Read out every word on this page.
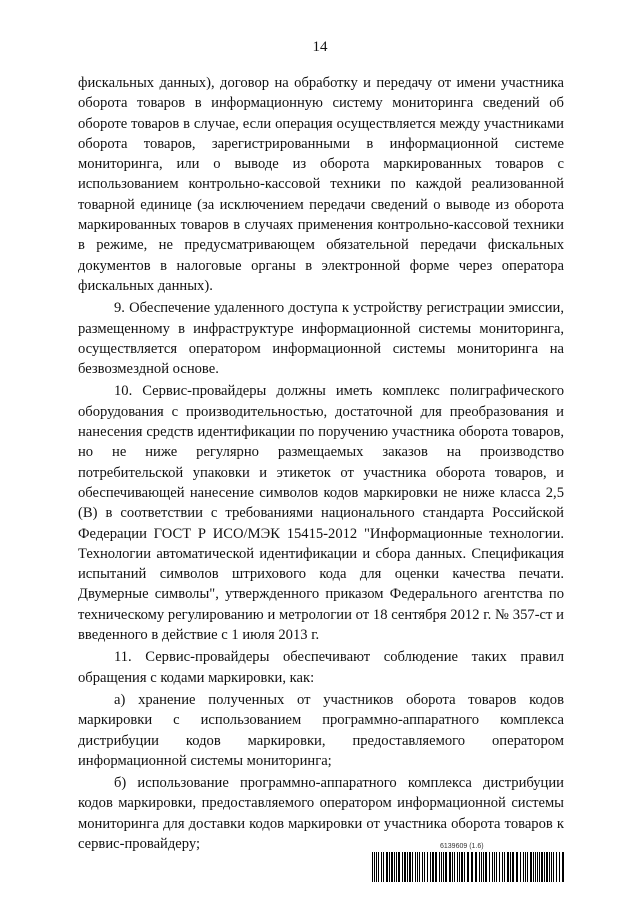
14

фискальных данных), договор на обработку и передачу от имени участника оборота товаров в информационную систему мониторинга сведений об обороте товаров в случае, если операция осуществляется между участниками оборота товаров, зарегистрированными в информационной системе мониторинга, или о выводе из оборота маркированных товаров с использованием контрольно-кассовой техники по каждой реализованной товарной единице (за исключением передачи сведений о выводе из оборота маркированных товаров в случаях применения контрольно-кассовой техники в режиме, не предусматривающем обязательной передачи фискальных документов в налоговые органы в электронной форме через оператора фискальных данных).

9. Обеспечение удаленного доступа к устройству регистрации эмиссии, размещенному в инфраструктуре информационной системы мониторинга, осуществляется оператором информационной системы мониторинга на безвозмездной основе.

10. Сервис-провайдеры должны иметь комплекс полиграфического оборудования с производительностью, достаточной для преобразования и нанесения средств идентификации по поручению участника оборота товаров, но не ниже регулярно размещаемых заказов на производство потребительской упаковки и этикеток от участника оборота товаров, и обеспечивающей нанесение символов кодов маркировки не ниже класса 2,5 (B) в соответствии с требованиями национального стандарта Российской Федерации ГОСТ Р ИСО/МЭК 15415-2012 "Информационные технологии. Технологии автоматической идентификации и сбора данных. Спецификация испытаний символов штрихового кода для оценки качества печати. Двумерные символы", утвержденного приказом Федерального агентства по техническому регулированию и метрологии от 18 сентября 2012 г. № 357-ст и введенного в действие с 1 июля 2013 г.

11. Сервис-провайдеры обеспечивают соблюдение таких правил обращения с кодами маркировки, как:

а) хранение полученных от участников оборота товаров кодов маркировки с использованием программно-аппаратного комплекса дистрибуции кодов маркировки, предоставляемого оператором информационной системы мониторинга;

б) использование программно-аппаратного комплекса дистрибуции кодов маркировки, предоставляемого оператором информационной системы мониторинга для доставки кодов маркировки от участника оборота товаров к сервис-провайдеру;	6139609 (1.6)
